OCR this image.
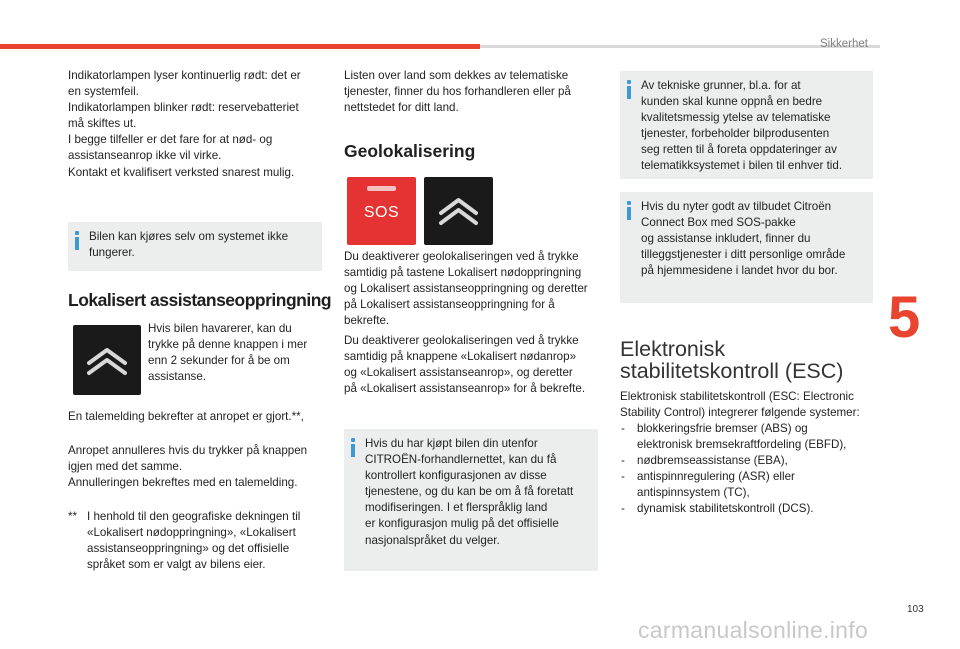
Sikkerhet
5
103
carmanualsonline.info
Indikatorlampen lyser kontinuerlig rødt: det er
en systemfeil.
Indikatorlampen blinker rødt: reservebatteriet
må skiftes ut.
I begge tilfeller er det fare for at nød- og
assistanseanrop ikke vil virke.
Kontakt et kvalifisert verksted snarest mulig.
Bilen kan kjøres selv om systemet ikke
fungerer.
Lokalisert assistanseoppringning
Hvis bilen havarerer, kan du
trykke på denne knappen i mer
enn 2 sekunder for å be om
assistanse.
En talemelding bekrefter at anropet er gjort.**,
Anropet annulleres hvis du trykker på knappen
igjen med det samme.
Annulleringen bekreftes med en talemelding.
** I henhold til den geografiske dekningen til
«Lokalisert nødoppringning», «Lokalisert
assistanseoppringning» og det offisielle
språket som er valgt av bilens eier.
Listen over land som dekkes av telematiske
tjenester, finner du hos forhandleren eller på
nettstedet for ditt land.
Geolokalisering
SOS
Du deaktiverer geolokaliseringen ved å trykke
samtidig på tastene Lokalisert nødoppringning
og Lokalisert assistanseoppringning og deretter
på Lokalisert assistanseoppringning for å
bekrefte.
Du deaktiverer geolokaliseringen ved å trykke
samtidig på knappene «Lokalisert nødanrop»
og «Lokalisert assistanseanrop», og deretter
på «Lokalisert assistanseanrop» for å bekrefte.
Hvis du har kjøpt bilen din utenfor
CITROËN-forhandlernettet, kan du få
kontrollert konfigurasjonen av disse
tjenestene, og du kan be om å få foretatt
modifiseringen. I et flerspråklig land
er konfigurasjon mulig på det offisielle
nasjonalspråket du velger.
Av tekniske grunner, bl.a. for at
kunden skal kunne oppnå en bedre
kvalitetsmessig ytelse av telematiske
tjenester, forbeholder bilprodusenten
seg retten til å foreta oppdateringer av
telematikksystemet i bilen til enhver tid.
Hvis du nyter godt av tilbudet Citroën
Connect Box med SOS-pakke
og assistanse inkludert, finner du
tilleggstjenester i ditt personlige område
på hjemmesidene i landet hvor du bor.
Elektronisk
stabilitetskontroll (ESC)
Elektronisk stabilitetskontroll (ESC: Electronic
Stability Control) integrerer følgende systemer:
- blokkeringsfrie bremser (ABS) og
elektronisk bremsekraftfordeling (EBFD),
- nødbremseassistanse (EBA),
- antispinnregulering (ASR) eller
antispinnsystem (TC),
- dynamisk stabilitetskontroll (DCS).
